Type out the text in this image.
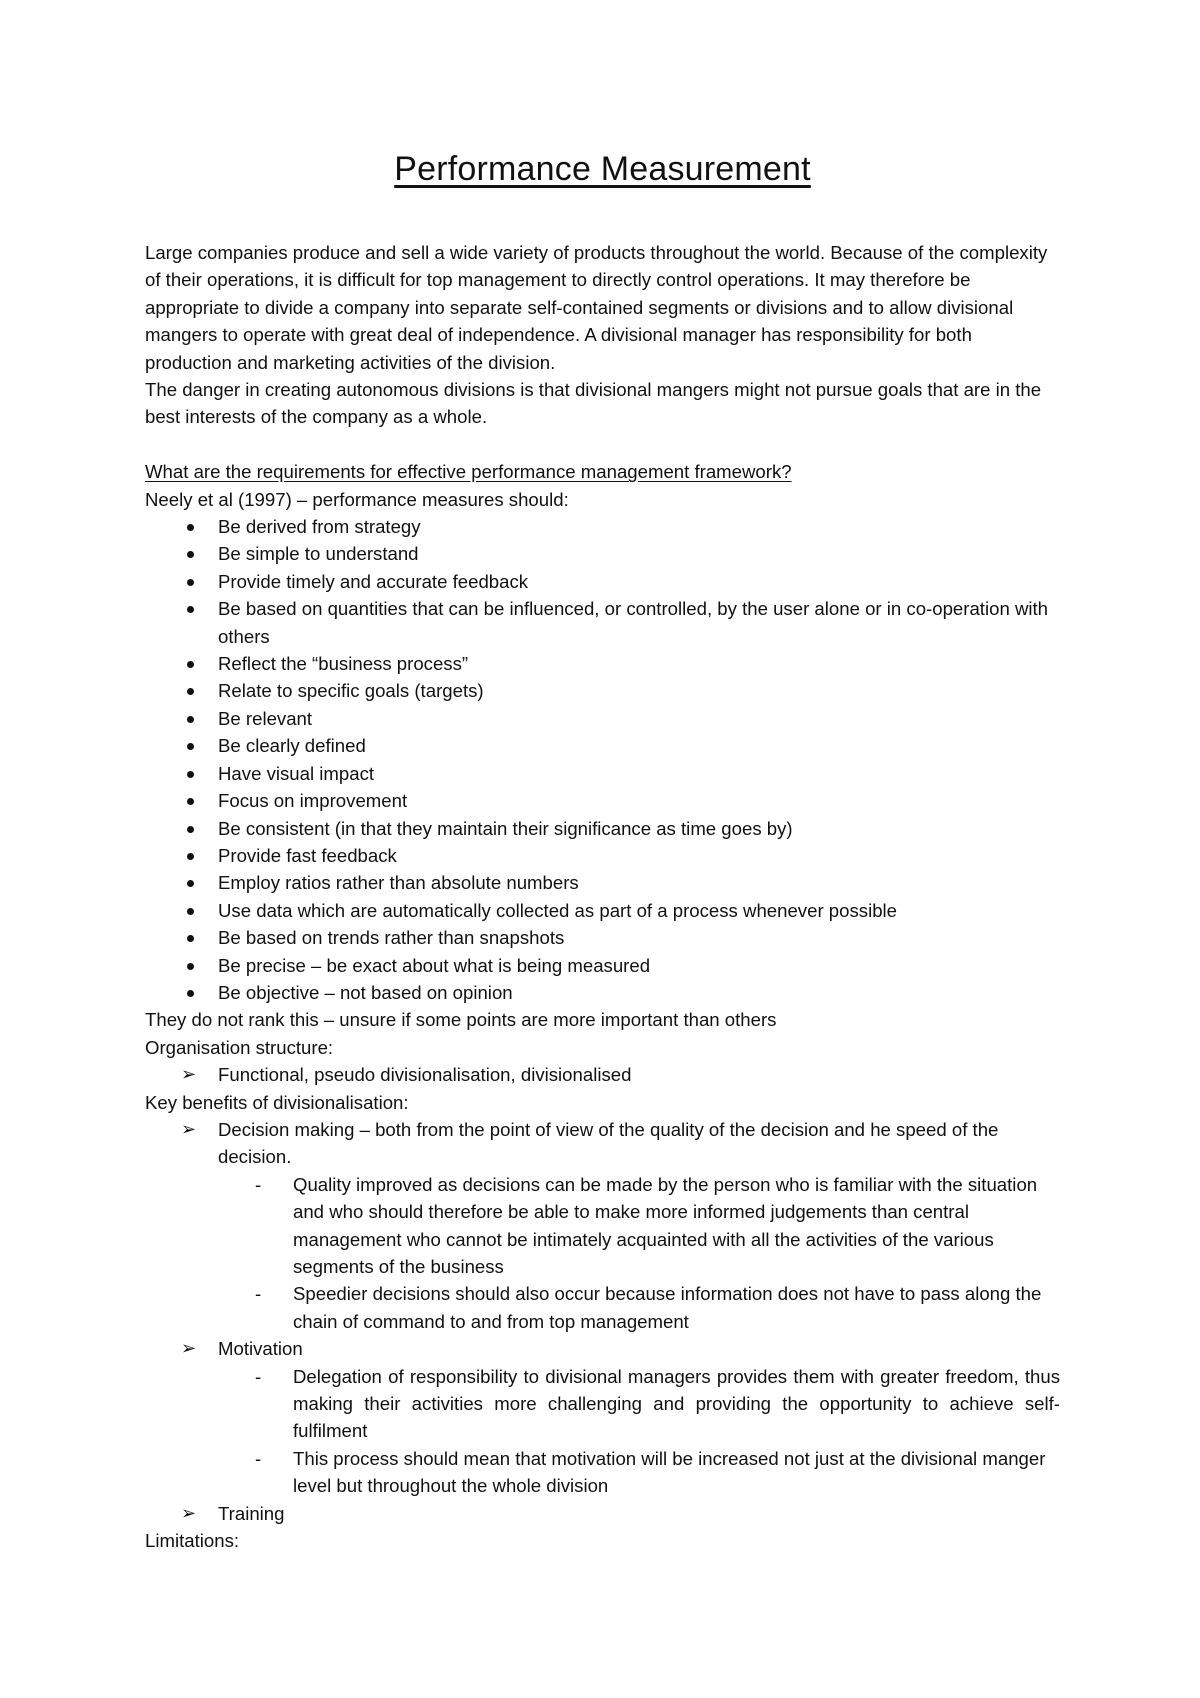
Performance Measurement

Large companies produce and sell a wide variety of products throughout the world. Because of the complexity of their operations, it is difficult for top management to directly control operations. It may therefore be appropriate to divide a company into separate self-contained segments or divisions and to allow divisional mangers to operate with great deal of independence. A divisional manager has responsibility for both production and marketing activities of the division.

The danger in creating autonomous divisions is that divisional mangers might not pursue goals that are in the best interests of the company as a whole.

What are the requirements for effective performance management framework?

Neely et al (1997) – performance measures should:

Be derived from strategy
Be simple to understand
Provide timely and accurate feedback
Be based on quantities that can be influenced, or controlled, by the user alone or in co-operation with others
Reflect the “business process”
Relate to specific goals (targets)
Be relevant
Be clearly defined
Have visual impact
Focus on improvement
Be consistent (in that they maintain their significance as time goes by)
Provide fast feedback
Employ ratios rather than absolute numbers
Use data which are automatically collected as part of a process whenever possible
Be based on trends rather than snapshots
Be precise – be exact about what is being measured
Be objective – not based on opinion

They do not rank this – unsure if some points are more important than others

Organisation structure:

➢ Functional, pseudo divisionalisation, divisionalised

Key benefits of divisionalisation:

➢ Decision making – both from the point of view of the quality of the decision and he speed of the decision.
- Quality improved as decisions can be made by the person who is familiar with the situation and who should therefore be able to make more informed judgements than central management who cannot be intimately acquainted with all the activities of the various segments of the business
- Speedier decisions should also occur because information does not have to pass along the chain of command to and from top management
➢ Motivation
- Delegation of responsibility to divisional managers provides them with greater freedom, thus making their activities more challenging and providing the opportunity to achieve self-fulfilment
- This process should mean that motivation will be increased not just at the divisional manger level but throughout the whole division
➢ Training

Limitations:
